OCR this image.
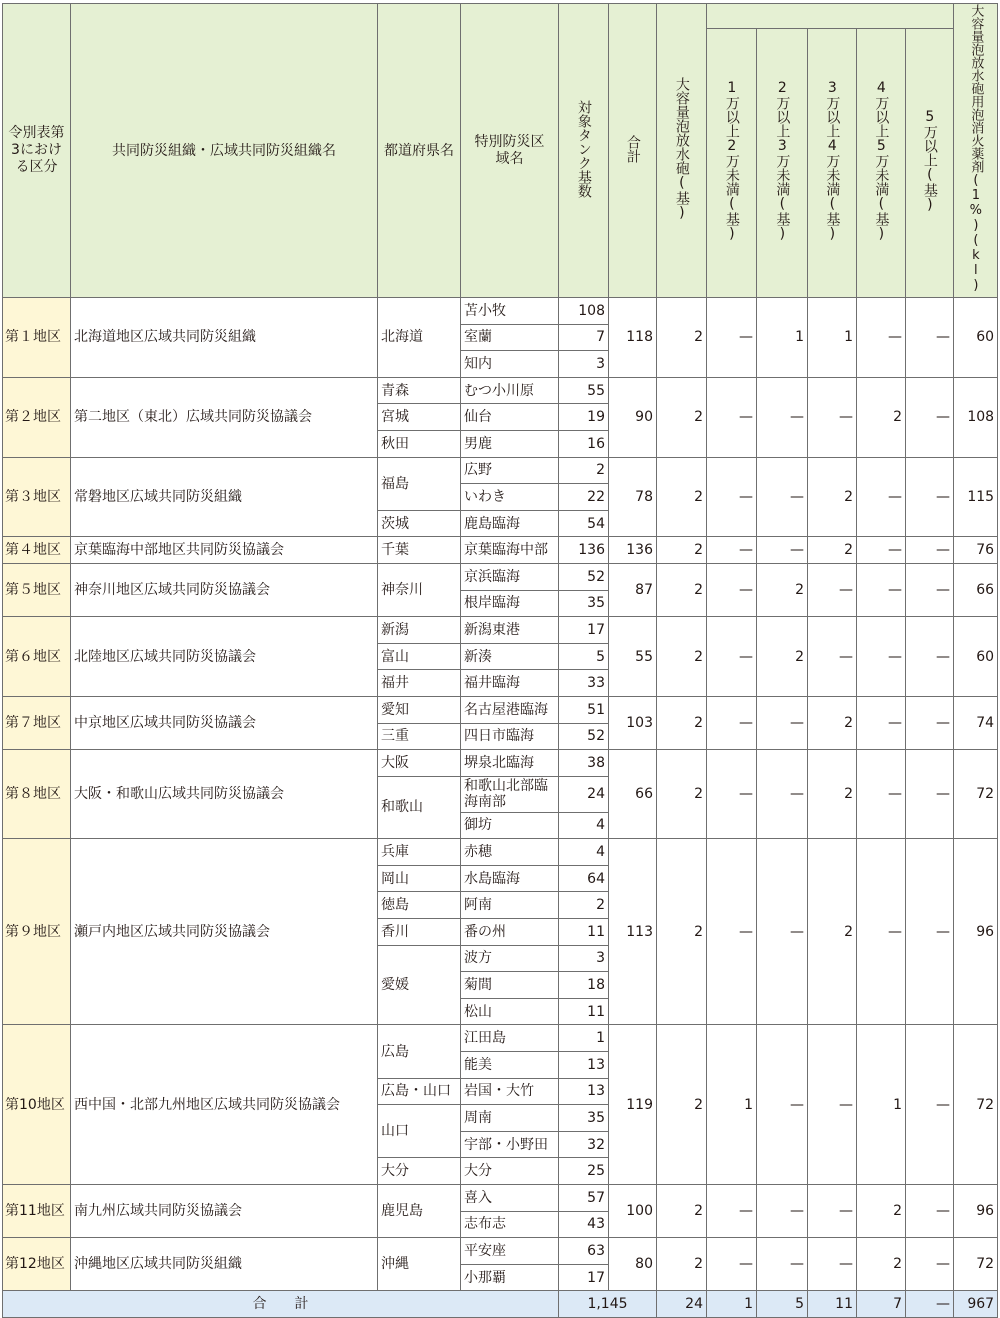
令別表第3における区分	共同防災組織・広域共同防災組織名	都道府県名	特別防災区域名	対象タンク基数	合計	大容量泡放水砲(基)						大容量泡放水砲用泡消火薬剤(1%)(kl)
							1万以上2万未満(基)	2万以上3万未満(基)	3万以上4万未満(基)	4万以上5万未満(基)	5万以上(基)	

第１地区	北海道地区広域共同防災組織	北海道	苫小牧	108	118	2	—	1	1	—	—	60
			室蘭	7								
			知内	3								
第２地区	第二地区（東北）広域共同防災協議会	青森	むつ小川原	55	90	2	—	—	—	2	—	108
		宮城	仙台	19								
		秋田	男鹿	16								
第３地区	常磐地区広域共同防災組織	福島	広野	2	78	2	—	—	2	—	—	115
			いわき	22								
		茨城	鹿島臨海	54								
第４地区	京葉臨海中部地区共同防災協議会	千葉	京葉臨海中部	136	136	2	—	—	2	—	—	76
第５地区	神奈川地区広域共同防災協議会	神奈川	京浜臨海	52	87	2	—	2	—	—	—	66
			根岸臨海	35								
第６地区	北陸地区広域共同防災協議会	新潟	新潟東港	17	55	2	—	2	—	—	—	60
		富山	新湊	5								
		福井	福井臨海	33								
第７地区	中京地区広域共同防災協議会	愛知	名古屋港臨海	51	103	2	—	—	2	—	—	74
		三重	四日市臨海	52								
第８地区	大阪・和歌山広域共同防災協議会	大阪	堺泉北臨海	38	66	2	—	—	2	—	—	72
		和歌山	和歌山北部臨海南部	24								
			御坊	4								
第９地区	瀬戸内地区広域共同防災協議会	兵庫	赤穂	4	113	2	—	—	2	—	—	96
		岡山	水島臨海	64								
		徳島	阿南	2								
		香川	番の州	11								
		愛媛	波方	3								
			菊間	18								
			松山	11								
第10地区	西中国・北部九州地区広域共同防災協議会	広島	江田島	1	119	2	1	—	—	1	—	72
			能美	13								
		広島・山口	岩国・大竹	13								
		山口	周南	35								
			宇部・小野田	32								
		大分	大分	25								
第11地区	南九州広域共同防災協議会	鹿児島	喜入	57	100	2	—	—	—	2	—	96
			志布志	43								
第12地区	沖縄地区広域共同防災組織	沖縄	平安座	63	80	2	—	—	—	2	—	72
			小那覇	17								
合　　計				1,145		24	1	5	11	7	—	967
